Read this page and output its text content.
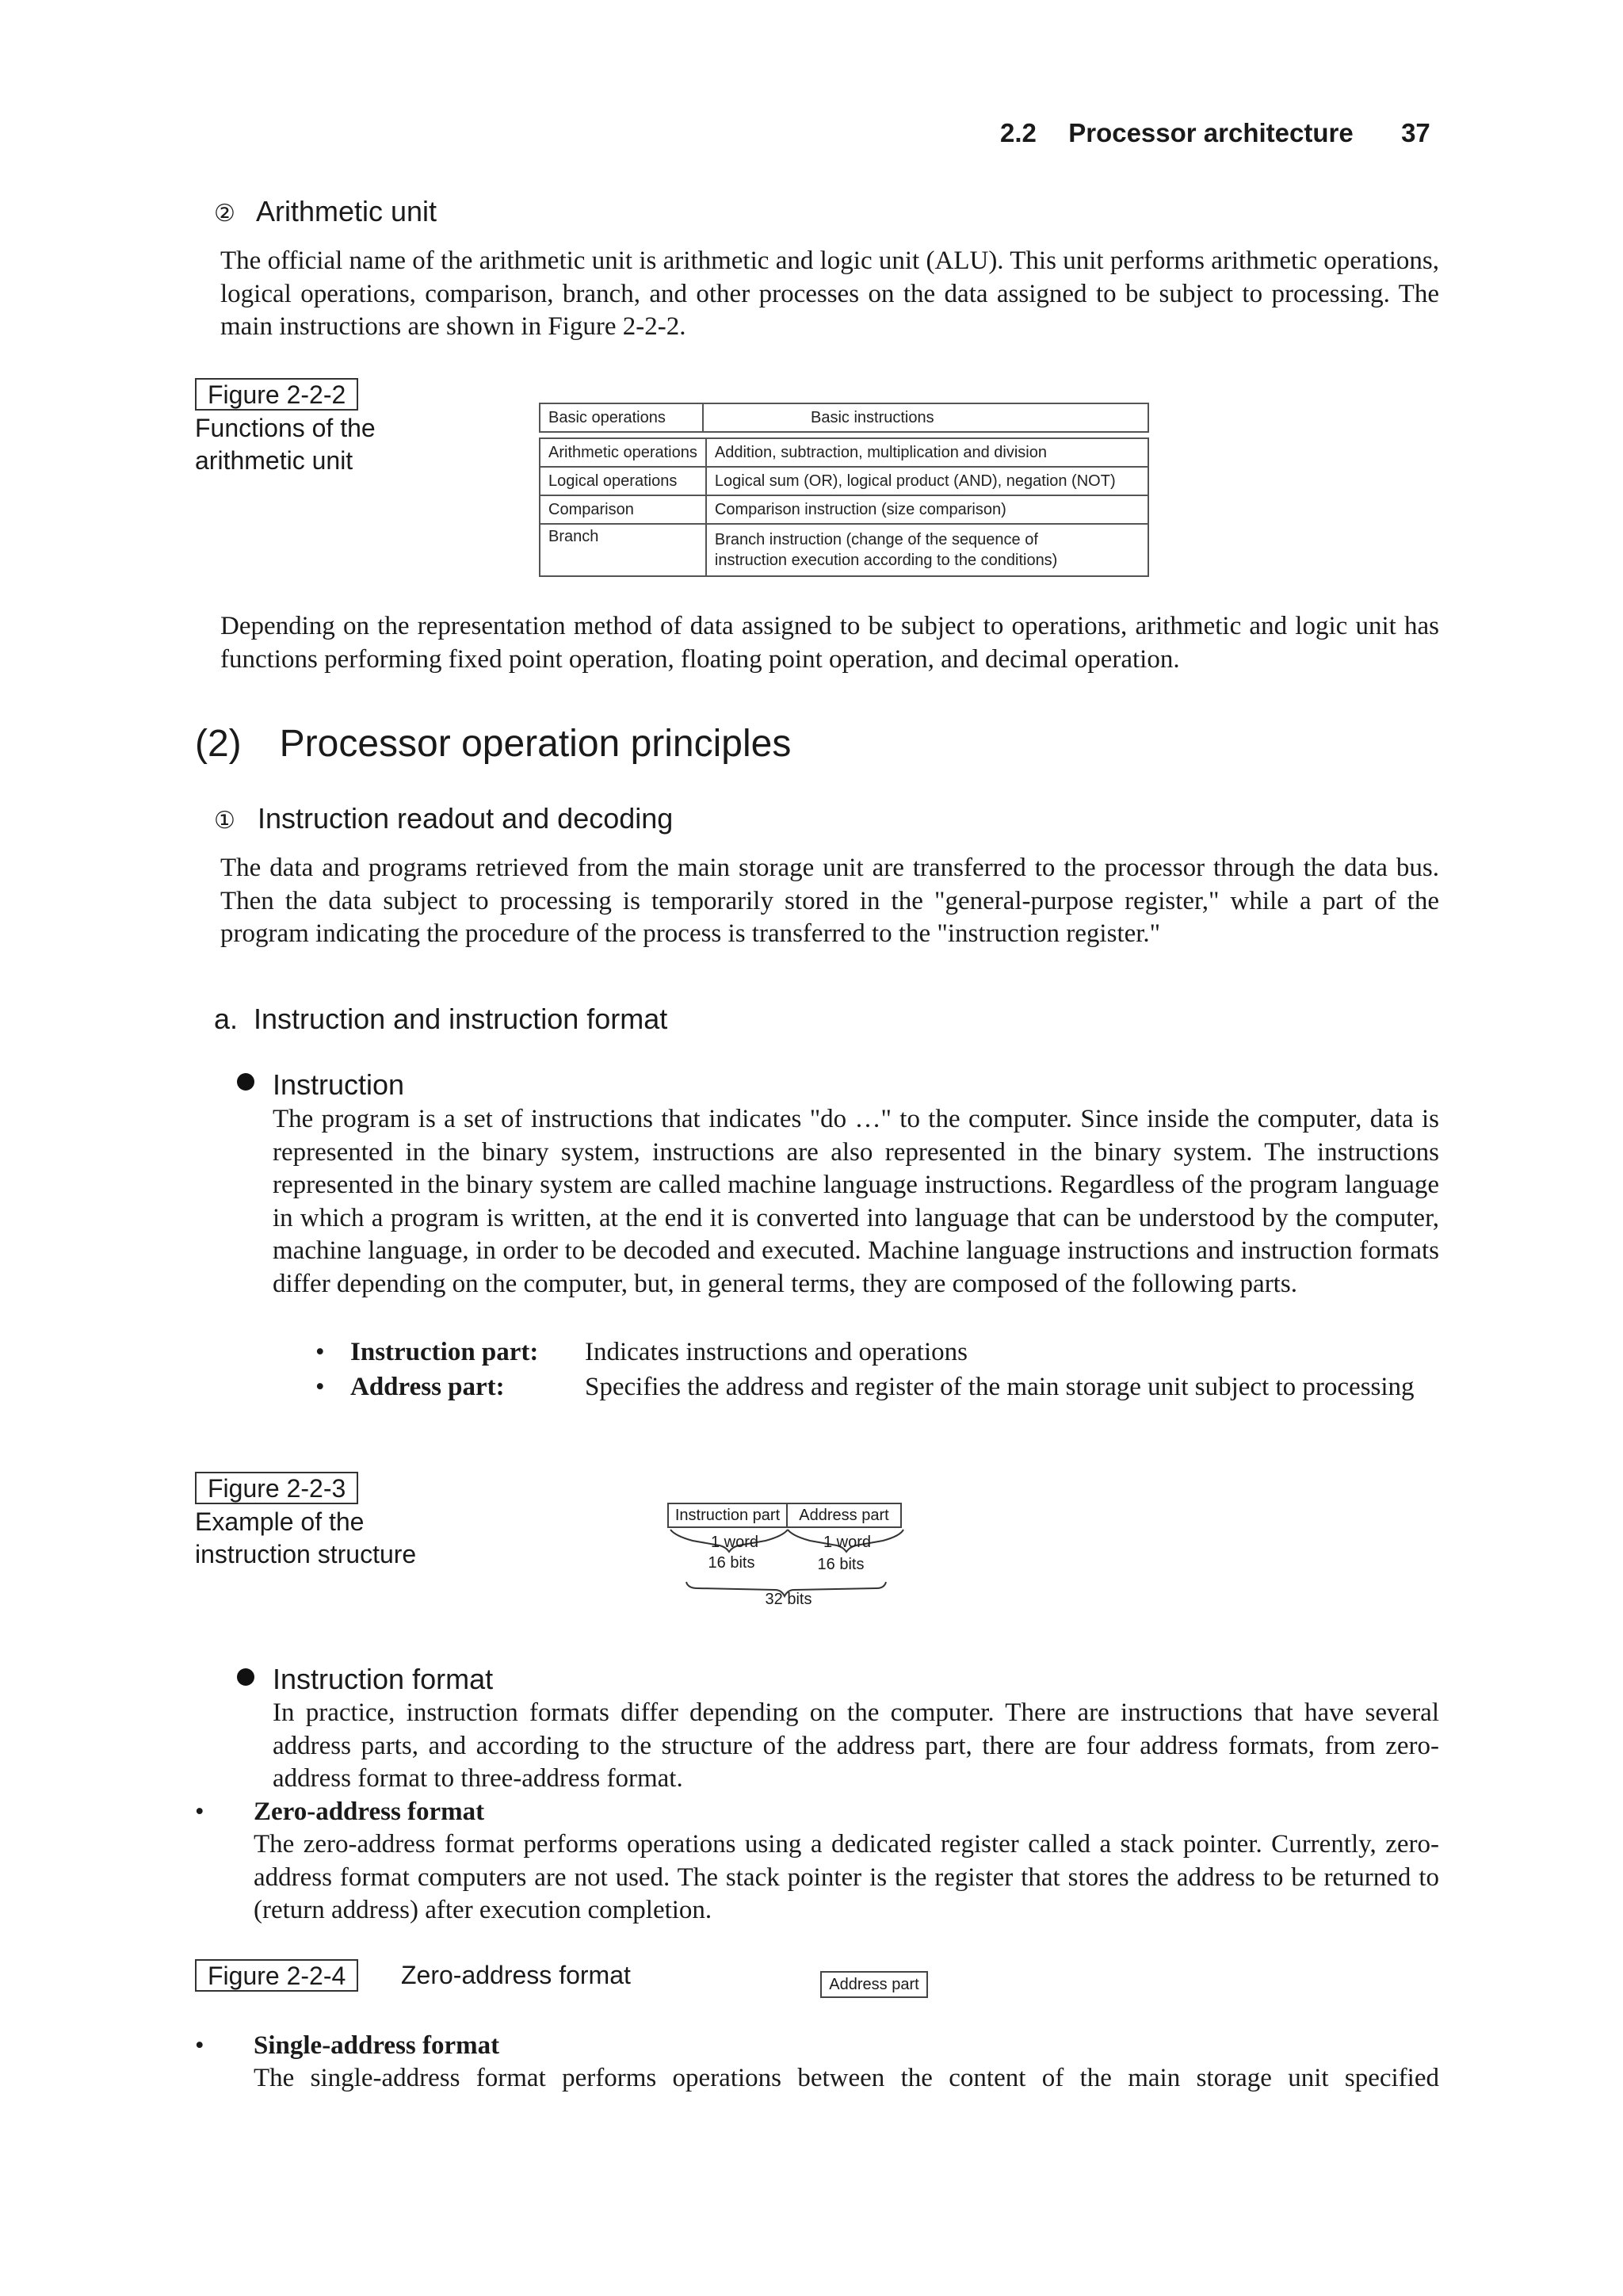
2.2 Processor architecture 37
② Arithmetic unit
The official name of the arithmetic unit is arithmetic and logic unit (ALU). This unit performs arithmetic operations, logical operations, comparison, branch, and other processes on the data assigned to be subject to processing. The main instructions are shown in Figure 2-2-2.
Figure 2-2-2
Functions of the
arithmetic unit
Basic operations	Basic instructions
Arithmetic operations	Addition, subtraction, multiplication and division
Logical operations	Logical sum (OR), logical product (AND), negation (NOT)
Comparison	Comparison instruction (size comparison)
Branch	Branch instruction (change of the sequence of instruction execution according to the conditions)
Depending on the representation method of data assigned to be subject to operations, arithmetic and logic unit has functions performing fixed point operation, floating point operation, and decimal operation.
(2) Processor operation principles
① Instruction readout and decoding
The data and programs retrieved from the main storage unit are transferred to the processor through the data bus. Then the data subject to processing is temporarily stored in the "general-purpose register," while a part of the program indicating the procedure of the process is transferred to the "instruction register."
a.  Instruction and instruction format
Instruction
The program is a set of instructions that indicates "do …" to the computer. Since inside the computer, data is represented in the binary system, instructions are also represented in the binary system. The instructions represented in the binary system are called machine language instructions. Regardless of the program language in which a program is written, at the end it is converted into language that can be understood by the computer, machine language, in order to be decoded and executed. Machine language instructions and instruction formats differ depending on the computer, but, in general terms, they are composed of the following parts.
• Instruction part:	Indicates instructions and operations
• Address part:	Specifies the address and register of the main storage unit subject to processing
Figure 2-2-3
Example of the
instruction structure
Instruction part	Address part
1 word
16 bits
1 word
16 bits
32 bits
Instruction format
In practice, instruction formats differ depending on the computer. There are instructions that have several address parts, and according to the structure of the address part, there are four address formats, from zero-address format to three-address format.
• Zero-address format
The zero-address format performs operations using a dedicated register called a stack pointer. Currently, zero-address format computers are not used. The stack pointer is the register that stores the address to be returned to (return address) after execution completion.
Figure 2-2-4	Zero-address format	Address part
• Single-address format
The single-address format performs operations between the content of the main storage unit specified
